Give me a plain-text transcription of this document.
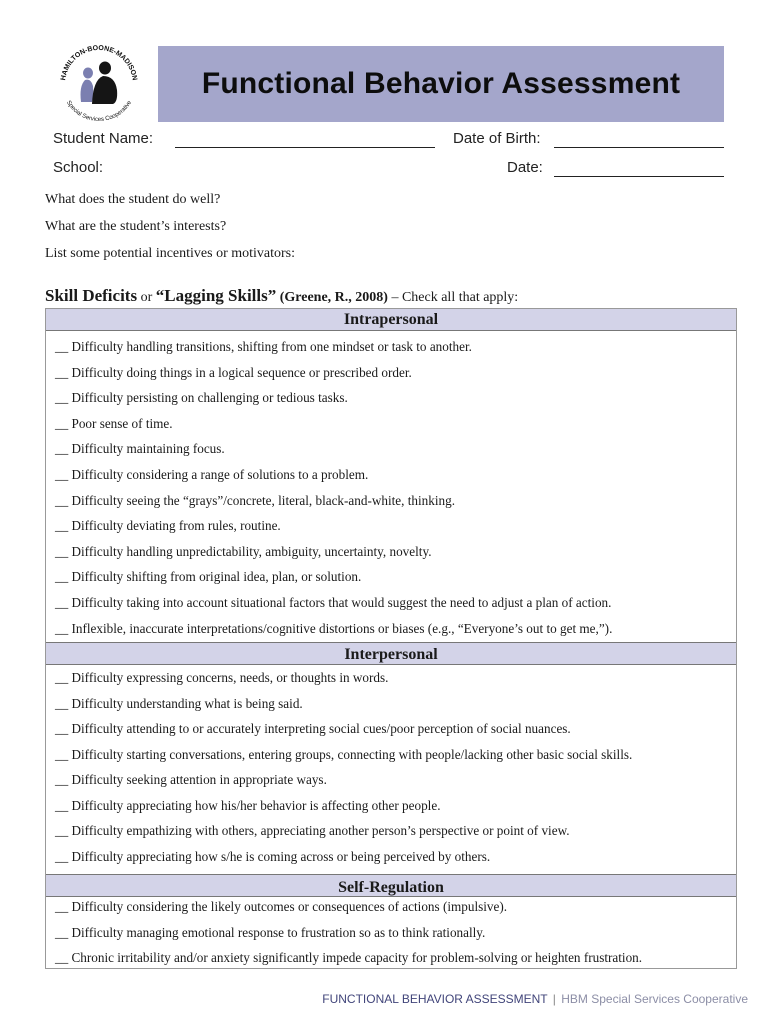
HAMILTON-BOONE-MADISON
Special Services Cooperative
Functional Behavior Assessment
Student Name:	Date of Birth:
School:	Date:
What does the student do well?
What are the student’s interests?
List some potential incentives or motivators:
Skill Deficits or “Lagging Skills” (Greene, R., 2008) – Check all that apply:
Intrapersonal
__ Difficulty handling transitions, shifting from one mindset or task to another.
__ Difficulty doing things in a logical sequence or prescribed order.
__ Difficulty persisting on challenging or tedious tasks.
__ Poor sense of time.
__ Difficulty maintaining focus.
__ Difficulty considering a range of solutions to a problem.
__ Difficulty seeing the “grays”/concrete, literal, black-and-white, thinking.
__ Difficulty deviating from rules, routine.
__ Difficulty handling unpredictability, ambiguity, uncertainty, novelty.
__ Difficulty shifting from original idea, plan, or solution.
__ Difficulty taking into account situational factors that would suggest the need to adjust a plan of action.
__ Inflexible, inaccurate interpretations/cognitive distortions or biases (e.g., “Everyone’s out to get me,”).
Interpersonal
__ Difficulty expressing concerns, needs, or thoughts in words.
__ Difficulty understanding what is being said.
__ Difficulty attending to or accurately interpreting social cues/poor perception of social nuances.
__ Difficulty starting conversations, entering groups, connecting with people/lacking other basic social skills.
__ Difficulty seeking attention in appropriate ways.
__ Difficulty appreciating how his/her behavior is affecting other people.
__ Difficulty empathizing with others, appreciating another person’s perspective or point of view.
__ Difficulty appreciating how s/he is coming across or being perceived by others.
Self-Regulation
__ Difficulty considering the likely outcomes or consequences of actions (impulsive).
__ Difficulty managing emotional response to frustration so as to think rationally.
__ Chronic irritability and/or anxiety significantly impede capacity for problem-solving or heighten frustration.
FUNCTIONAL BEHAVIOR ASSESSMENT | HBM Special Services Cooperative
